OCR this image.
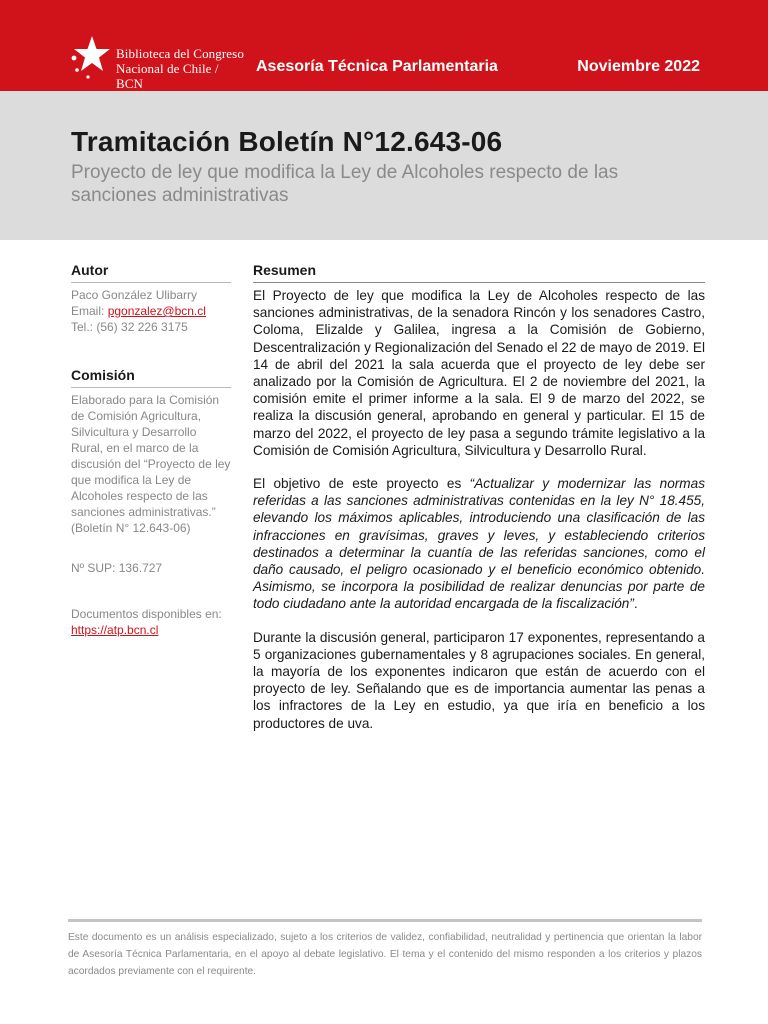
Biblioteca del Congreso
Nacional de Chile / BCN
Asesoría Técnica Parlamentaria	Noviembre 2022
Tramitación Boletín N°12.643-06
Proyecto de ley que modifica la Ley de Alcoholes respecto de las sanciones administrativas
Autor
Paco González Ulibarry
Email: pgonzalez@bcn.cl
Tel.: (56) 32 226 3175
Comisión
Elaborado para la Comisión de Comisión Agricultura, Silvicultura y Desarrollo Rural, en el marco de la discusión del “Proyecto de ley que modifica la Ley de Alcoholes respecto de las sanciones administrativas.” (Boletín N° 12.643-06)
Nº SUP: 136.727
Documentos disponibles en:
https://atp.bcn.cl
Resumen

El Proyecto de ley que modifica la Ley de Alcoholes respecto de las sanciones administrativas, de la senadora Rincón y los senadores Castro, Coloma, Elizalde y Galilea, ingresa a la Comisión de Gobierno, Descentralización y Regionalización del Senado el 22 de mayo de 2019. El 14 de abril del 2021 la sala acuerda que el proyecto de ley debe ser analizado por la Comisión de Agricultura. El 2 de noviembre del 2021, la comisión emite el primer informe a la sala. El 9 de marzo del 2022, se realiza la discusión general, aprobando en general y particular. El 15 de marzo del 2022, el proyecto de ley pasa a segundo trámite legislativo a la Comisión de Comisión Agricultura, Silvicultura y Desarrollo Rural.

El objetivo de este proyecto es “Actualizar y modernizar las normas referidas a las sanciones administrativas contenidas en la ley N° 18.455, elevando los máximos aplicables, introduciendo una clasificación de las infracciones en gravísimas, graves y leves, y estableciendo criterios destinados a determinar la cuantía de las referidas sanciones, como el daño causado, el peligro ocasionado y el beneficio económico obtenido. Asimismo, se incorpora la posibilidad de realizar denuncias por parte de todo ciudadano ante la autoridad encargada de la fiscalización”.

Durante la discusión general, participaron 17 exponentes, representando a 5 organizaciones gubernamentales y 8 agrupaciones sociales. En general, la mayoría de los exponentes indicaron que están de acuerdo con el proyecto de ley. Señalando que es de importancia aumentar las penas a los infractores de la Ley en estudio, ya que iría en beneficio a los productores de uva.

Este documento es un análisis especializado, sujeto a los criterios de validez, confiabilidad, neutralidad y pertinencia que orientan la labor de Asesoría Técnica Parlamentaria, en el apoyo al debate legislativo. El tema y el contenido del mismo responden a los criterios y plazos acordados previamente con el requirente.
